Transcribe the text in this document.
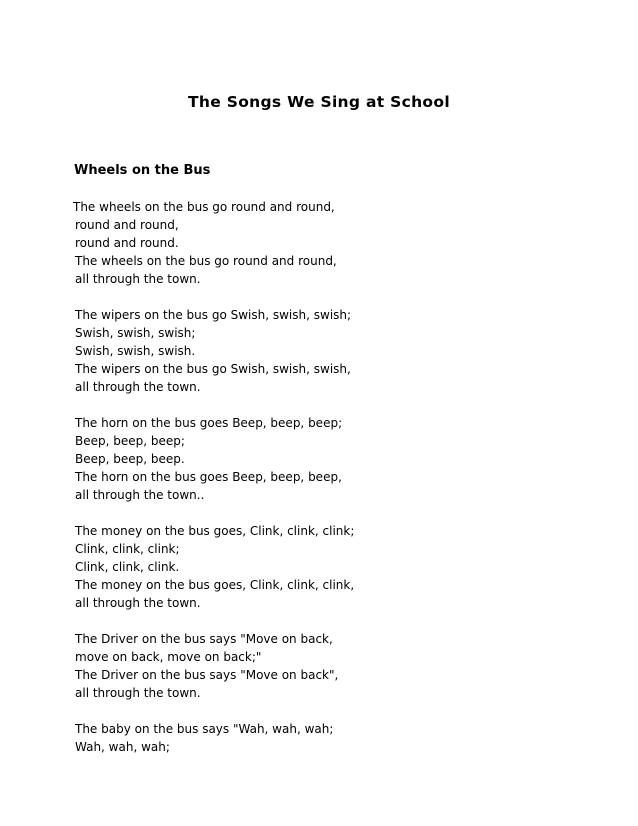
The Songs We Sing at School
Wheels on the Bus
The wheels on the bus go round and round,
round and round,
round and round.
The wheels on the bus go round and round,
all through the town.
The wipers on the bus go Swish, swish, swish;
Swish, swish, swish;
Swish, swish, swish.
The wipers on the bus go Swish, swish, swish,
all through the town.
The horn on the bus goes Beep, beep, beep;
Beep, beep, beep;
Beep, beep, beep.
The horn on the bus goes Beep, beep, beep,
all through the town..
The money on the bus goes, Clink, clink, clink;
Clink, clink, clink;
Clink, clink, clink.
The money on the bus goes, Clink, clink, clink,
all through the town.
The Driver on the bus says "Move on back,
move on back, move on back;"
The Driver on the bus says "Move on back",
all through the town.
The baby on the bus says "Wah, wah, wah;
Wah, wah, wah;
